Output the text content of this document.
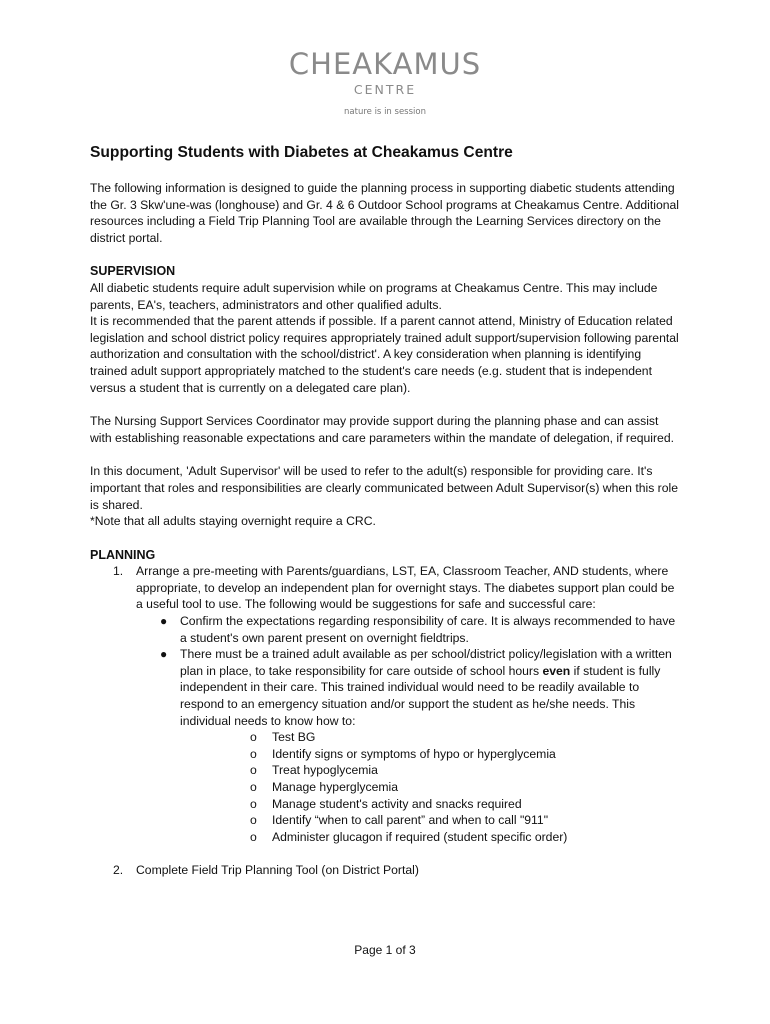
CHEAKAMUS
CENTRE
nature is in session
Supporting Students with Diabetes at Cheakamus Centre

The following information is designed to guide the planning process in supporting diabetic students attending the Gr. 3 Skw'une-was (longhouse) and Gr. 4 & 6 Outdoor School programs at Cheakamus Centre. Additional resources including a Field Trip Planning Tool are available through the Learning Services directory on the district portal.

SUPERVISION

All diabetic students require adult supervision while on programs at Cheakamus Centre. This may include parents, EA's, teachers, administrators and other qualified adults.

It is recommended that the parent attends if possible. If a parent cannot attend, Ministry of Education related legislation and school district policy requires appropriately trained adult support/supervision following parental authorization and consultation with the school/district'. A key consideration when planning is identifying trained adult support appropriately matched to the student's care needs (e.g. student that is independent versus a student that is currently on a delegated care plan).

The Nursing Support Services Coordinator may provide support during the planning phase and can assist with establishing reasonable expectations and care parameters within the mandate of delegation, if required.

In this document, 'Adult Supervisor' will be used to refer to the adult(s) responsible for providing care. It's important that roles and responsibilities are clearly communicated between Adult Supervisor(s) when this role is shared.

*Note that all adults staying overnight require a CRC.

PLANNING
1. Arrange a pre-meeting with Parents/guardians, LST, EA, Classroom Teacher, AND students, where appropriate, to develop an independent plan for overnight stays. The diabetes support plan could be a useful tool to use. The following would be suggestions for safe and successful care:
● Confirm the expectations regarding responsibility of care. It is always recommended to have a student's own parent present on overnight fieldtrips.
● There must be a trained adult available as per school/district policy/legislation with a written plan in place, to take responsibility for care outside of school hours even if student is fully independent in their care. This trained individual would need to be readily available to respond to an emergency situation and/or support the student as he/she needs. This individual needs to know how to:
o Test BG
o Identify signs or symptoms of hypo or hyperglycemia
o Treat hypoglycemia
o Manage hyperglycemia
o Manage student's activity and snacks required
o Identify “when to call parent” and when to call "911"
o Administer glucagon if required (student specific order)
2. Complete Field Trip Planning Tool (on District Portal)
Page 1 of 3
